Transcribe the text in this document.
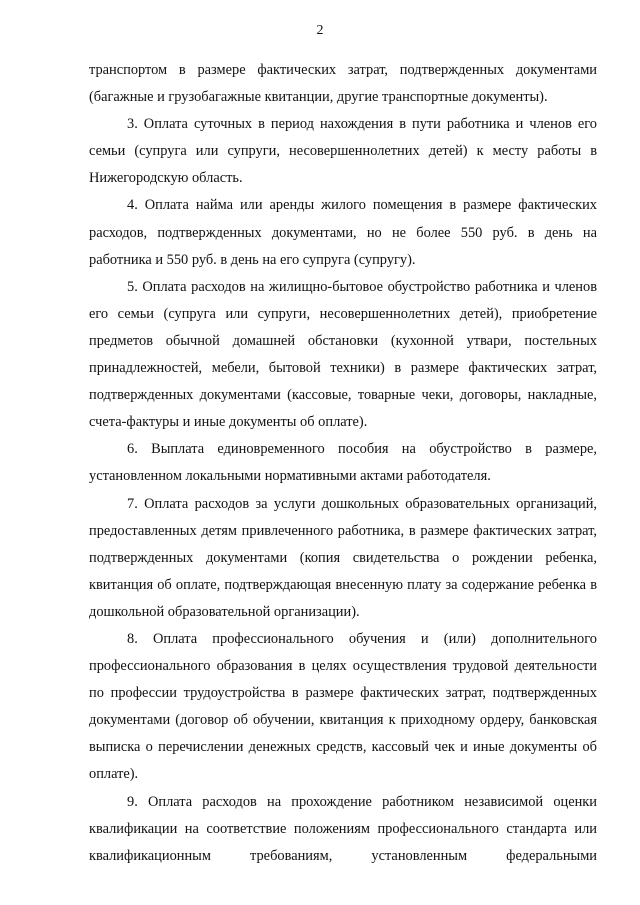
2

транспортом в размере фактических затрат, подтвержденных документами (багажные и грузобагажные квитанции, другие транспортные документы).

3. Оплата суточных в период нахождения в пути работника и членов его семьи (супруга или супруги, несовершеннолетних детей) к месту работы в Нижегородскую область.

4. Оплата найма или аренды жилого помещения в размере фактических расходов, подтвержденных документами, но не более 550 руб. в день на работника и 550 руб. в день на его супруга (супругу).

5. Оплата расходов на жилищно-бытовое обустройство работника и членов его семьи (супруга или супруги, несовершеннолетних детей), приобретение предметов обычной домашней обстановки (кухонной утвари, постельных принадлежностей, мебели, бытовой техники) в размере фактических затрат, подтвержденных документами (кассовые, товарные чеки, договоры, накладные, счета-фактуры и иные документы об оплате).

6. Выплата единовременного пособия на обустройство в размере, установленном локальными нормативными актами работодателя.

7. Оплата расходов за услуги дошкольных образовательных организаций, предоставленных детям привлеченного работника, в размере фактических затрат, подтвержденных документами (копия свидетельства о рождении ребенка, квитанция об оплате, подтверждающая внесенную плату за содержание ребенка в дошкольной образовательной организации).

8. Оплата профессионального обучения и (или) дополнительного профессионального образования в целях осуществления трудовой деятельности по профессии трудоустройства в размере фактических затрат, подтвержденных документами (договор об обучении, квитанция к приходному ордеру, банковская выписка о перечислении денежных средств, кассовый чек и иные документы об оплате).

9. Оплата расходов на прохождение работником независимой оценки квалификации на соответствие положениям профессионального стандарта или квалификационным требованиям, установленным федеральными
